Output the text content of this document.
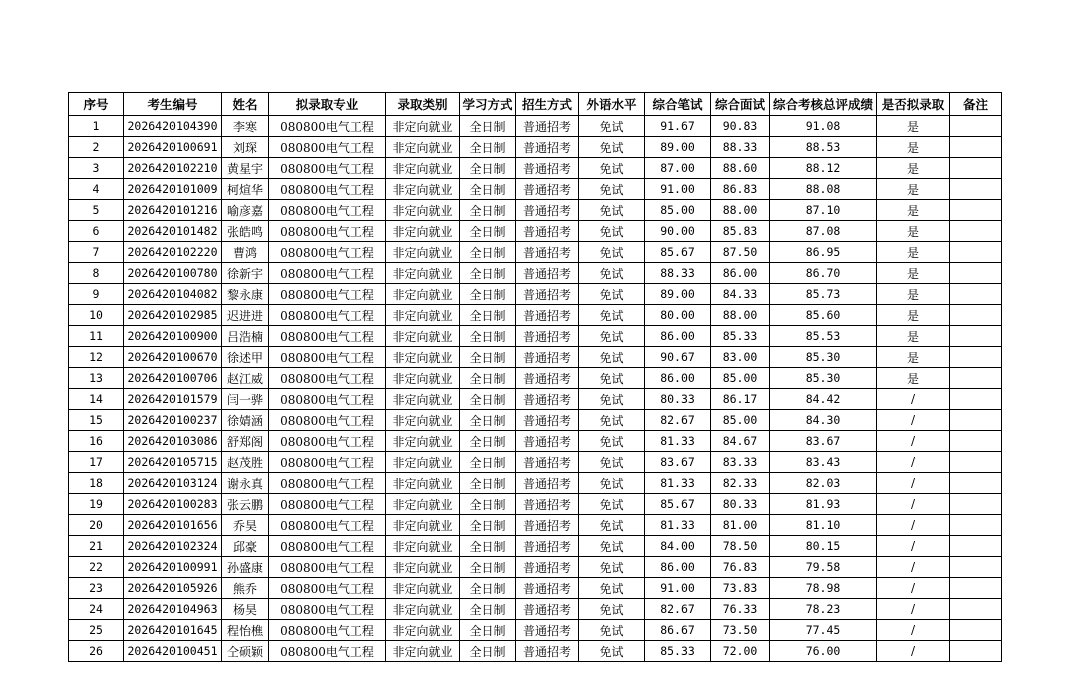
序号	考生编号	姓名	拟录取专业	录取类别	学习方式	招生方式	外语水平	综合笔试	综合面试	综合考核总评成绩	是否拟录取	备注
1	2026420104390	李寒	080800电气工程	非定向就业	全日制	普通招考	免试	91.67	90.83	91.08	是	
2	2026420100691	刘琛	080800电气工程	非定向就业	全日制	普通招考	免试	89.00	88.33	88.53	是	
3	2026420102210	黄星宇	080800电气工程	非定向就业	全日制	普通招考	免试	87.00	88.60	88.12	是	
4	2026420101009	柯煊华	080800电气工程	非定向就业	全日制	普通招考	免试	91.00	86.83	88.08	是	
5	2026420101216	喻彦嘉	080800电气工程	非定向就业	全日制	普通招考	免试	85.00	88.00	87.10	是	
6	2026420101482	张皓鸣	080800电气工程	非定向就业	全日制	普通招考	免试	90.00	85.83	87.08	是	
7	2026420102220	曹鸿	080800电气工程	非定向就业	全日制	普通招考	免试	85.67	87.50	86.95	是	
8	2026420100780	徐新宇	080800电气工程	非定向就业	全日制	普通招考	免试	88.33	86.00	86.70	是	
9	2026420104082	黎永康	080800电气工程	非定向就业	全日制	普通招考	免试	89.00	84.33	85.73	是	
10	2026420102985	迟进进	080800电气工程	非定向就业	全日制	普通招考	免试	80.00	88.00	85.60	是	
11	2026420100900	吕浩楠	080800电气工程	非定向就业	全日制	普通招考	免试	86.00	85.33	85.53	是	
12	2026420100670	徐述甲	080800电气工程	非定向就业	全日制	普通招考	免试	90.67	83.00	85.30	是	
13	2026420100706	赵江威	080800电气工程	非定向就业	全日制	普通招考	免试	86.00	85.00	85.30	是	
14	2026420101579	闫一骅	080800电气工程	非定向就业	全日制	普通招考	免试	80.33	86.17	84.42	/	
15	2026420100237	徐婧涵	080800电气工程	非定向就业	全日制	普通招考	免试	82.67	85.00	84.30	/	
16	2026420103086	舒郑阁	080800电气工程	非定向就业	全日制	普通招考	免试	81.33	84.67	83.67	/	
17	2026420105715	赵茂胜	080800电气工程	非定向就业	全日制	普通招考	免试	83.67	83.33	83.43	/	
18	2026420103124	谢永真	080800电气工程	非定向就业	全日制	普通招考	免试	81.33	82.33	82.03	/	
19	2026420100283	张云鹏	080800电气工程	非定向就业	全日制	普通招考	免试	85.67	80.33	81.93	/	
20	2026420101656	乔昊	080800电气工程	非定向就业	全日制	普通招考	免试	81.33	81.00	81.10	/	
21	2026420102324	邱豪	080800电气工程	非定向就业	全日制	普通招考	免试	84.00	78.50	80.15	/	
22	2026420100991	孙盛康	080800电气工程	非定向就业	全日制	普通招考	免试	86.00	76.83	79.58	/	
23	2026420105926	熊乔	080800电气工程	非定向就业	全日制	普通招考	免试	91.00	73.83	78.98	/	
24	2026420104963	杨昊	080800电气工程	非定向就业	全日制	普通招考	免试	82.67	76.33	78.23	/	
25	2026420101645	程怡樵	080800电气工程	非定向就业	全日制	普通招考	免试	86.67	73.50	77.45	/	
26	2026420100451	仝硕颖	080800电气工程	非定向就业	全日制	普通招考	免试	85.33	72.00	76.00	/	
